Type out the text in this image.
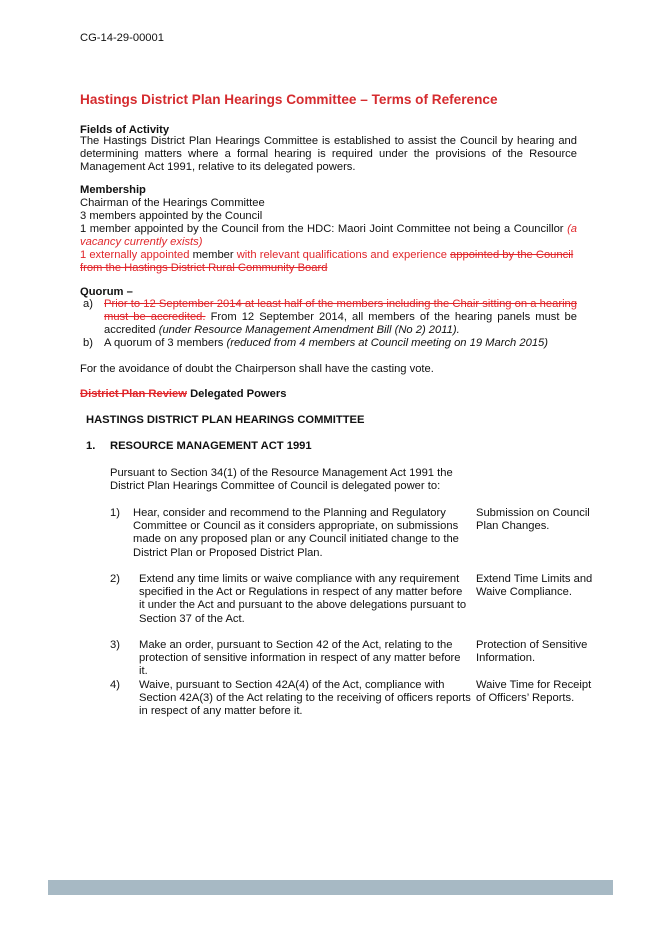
CG-14-29-00001
Hastings District Plan Hearings Committee – Terms of Reference
Fields of Activity
The Hastings District Plan Hearings Committee is established to assist the Council by hearing and determining matters where a formal hearing is required under the provisions of the Resource Management Act 1991, relative to its delegated powers.
Membership
Chairman of the Hearings Committee
3 members appointed by the Council
1 member appointed by the Council from the HDC: Maori Joint Committee not being a Councillor (a vacancy currently exists)
1 externally appointed member with relevant qualifications and experience appointed by the Council from the Hastings District Rural Community Board
Quorum –
a) Prior to 12 September 2014 at least half of the members including the Chair sitting on a hearing must be accredited. From 12 September 2014, all members of the hearing panels must be accredited (under Resource Management Amendment Bill (No 2) 2011).
b) A quorum of 3 members (reduced from 4 members at Council meeting on 19 March 2015)
For the avoidance of doubt the Chairperson shall have the casting vote.
District Plan Review Delegated Powers
HASTINGS DISTRICT PLAN HEARINGS COMMITTEE
1. RESOURCE MANAGEMENT ACT 1991
Pursuant to Section 34(1) of the Resource Management Act 1991 the District Plan Hearings Committee of Council is delegated power to:
1) Hear, consider and recommend to the Planning and Regulatory Committee or Council as it considers appropriate, on submissions made on any proposed plan or any Council initiated change to the District Plan or Proposed District Plan.
Submission on Council Plan Changes.
2) Extend any time limits or waive compliance with any requirement specified in the Act or Regulations in respect of any matter before it under the Act and pursuant to the above delegations pursuant to Section 37 of the Act.
Extend Time Limits and Waive Compliance.
3) Make an order, pursuant to Section 42 of the Act, relating to the protection of sensitive information in respect of any matter before it.
Protection of Sensitive Information.
4) Waive, pursuant to Section 42A(4) of the Act, compliance with Section 42A(3) of the Act relating to the receiving of officers reports in respect of any matter before it.
Waive Time for Receipt of Officers’ Reports.
